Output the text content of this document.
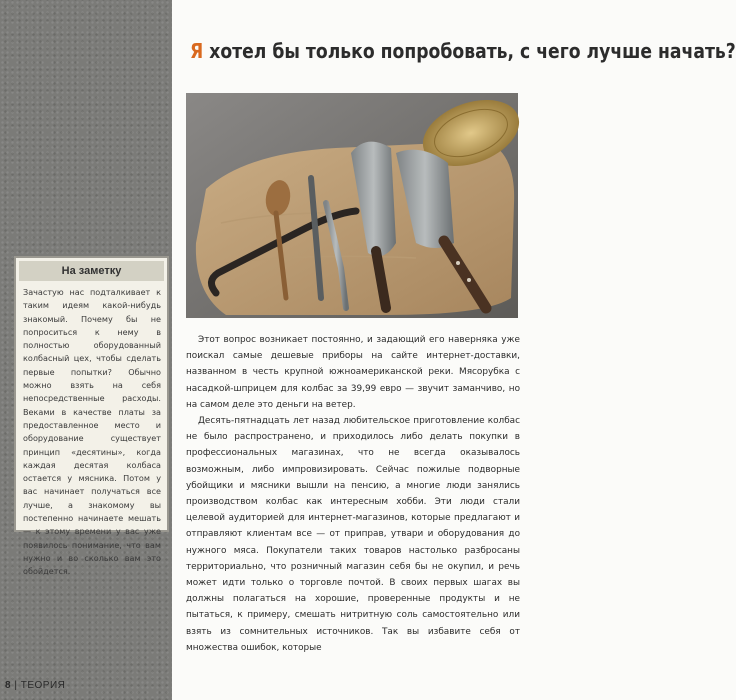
На заметку
Зачастую нас подталкивает к таким идеям какой-нибудь знакомый. Почему бы не попроситься к нему в полностью оборудованный колбасный цех, чтобы сделать первые попытки? Обычно можно взять на себя непосредственные расходы. Веками в качестве платы за предоставленное место и оборудование существует принцип «десятины», когда каждая десятая колбаса остается у мясника. Потом у вас начинает получаться все лучше, а знакомому вы постепенно начинаете мешать — к этому времени у вас уже появилось понимание, что вам нужно и во сколько вам это обойдется.
8 | ТЕОРИЯ
Я хотел бы только попробовать, с чего лучше начать?

Этот вопрос возникает постоянно, и задающий его наверняка уже поискал самые дешевые приборы на сайте интернет-доставки, названном в честь крупной южноамериканской реки. Мясорубка с насадкой-шприцем для колбас за 39,99 евро — звучит заманчиво, но на самом деле это деньги на ветер.

Десять-пятнадцать лет назад любительское приготовление колбас не было распространено, и приходилось либо делать покупки в профессиональных магазинах, что не всегда оказывалось возможным, либо импровизировать. Сейчас пожилые подворные убойщики и мясники вышли на пенсию, а многие люди занялись производством колбас как интересным хобби. Эти люди стали целевой аудиторией для интернет-магазинов, которые предлагают и отправляют клиентам все — от приправ, утвари и оборудования до нужного мяса. Покупатели таких товаров настолько разбросаны территориально, что розничный магазин себя бы не окупил, и речь может идти только о торговле почтой. В своих первых шагах вы должны полагаться на хорошие, проверенные продукты и не пытаться, к примеру, смешать нитритную соль самостоятельно или взять из сомнительных источников. Так вы избавите себя от множества ошибок, которые
